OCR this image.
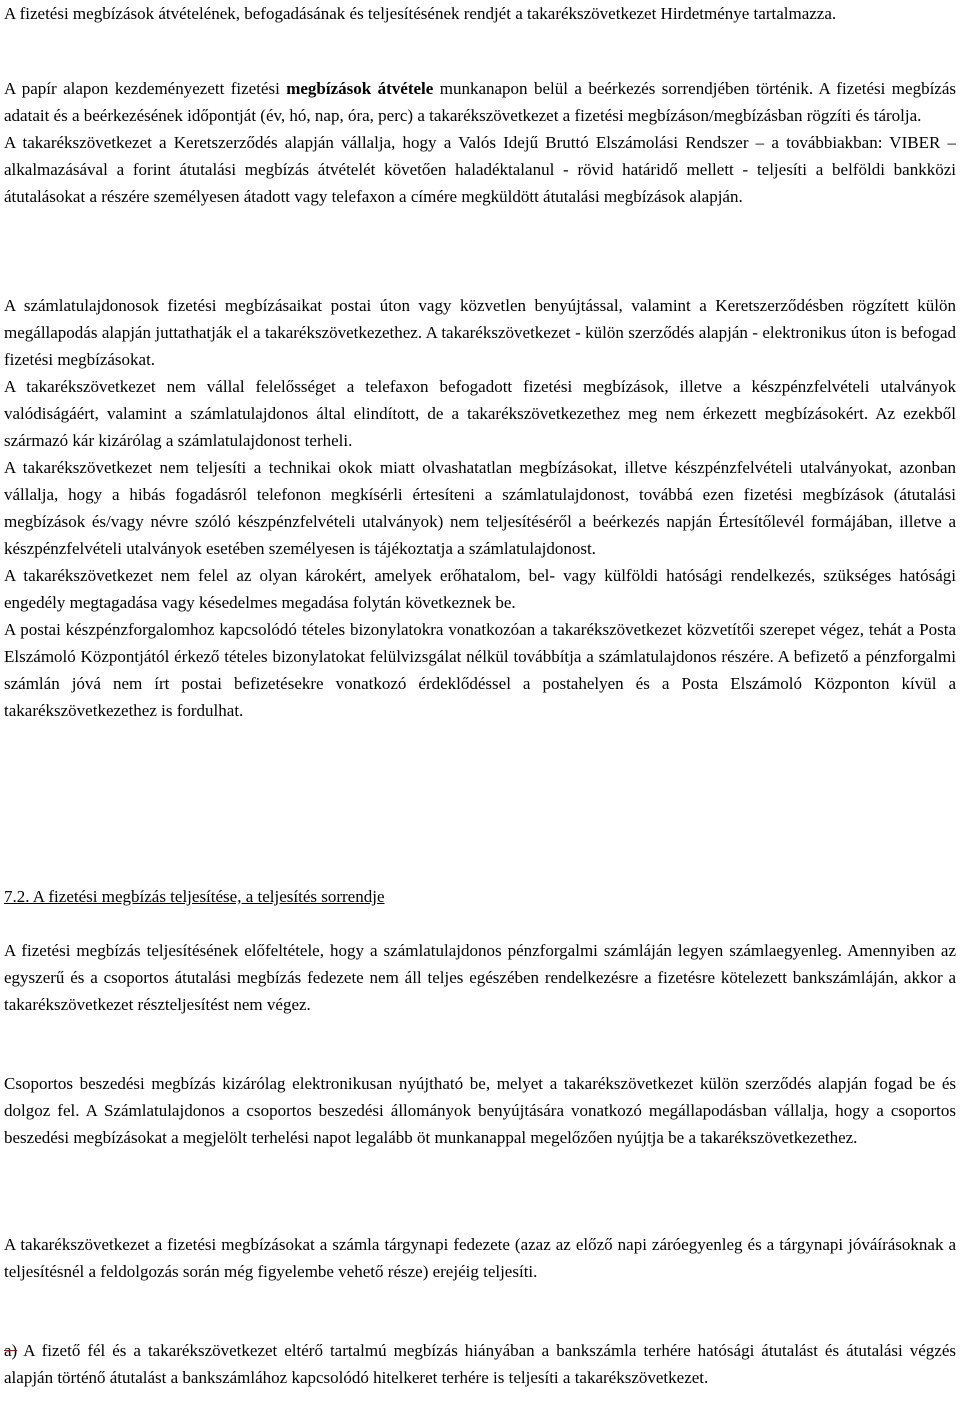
A fizetési megbízások átvételének, befogadásának és teljesítésének rendjét a takarékszövetkezet Hirdetménye tartalmazza.

A papír alapon kezdeményezett fizetési megbízások átvétele munkanapon belül a beérkezés sorrendjében történik. A fizetési megbízás adatait és a beérkezésének időpontját (év, hó, nap, óra, perc) a takarékszövetkezet a fizetési megbízáson/megbízásban rögzíti és tárolja.

A takarékszövetkezet a Keretszerződés alapján vállalja, hogy a Valós Idejű Bruttó Elszámolási Rendszer – a továbbiakban: VIBER – alkalmazásával a forint átutalási megbízás átvételét követően haladéktalanul - rövid határidő mellett - teljesíti a belföldi bankközi átutalásokat a részére személyesen átadott vagy telefaxon a címére megküldött átutalási megbízások alapján.

A számlatulajdonosok fizetési megbízásaikat postai úton vagy közvetlen benyújtással, valamint a Keretszerződésben rögzített külön megállapodás alapján juttathatják el a takarékszövetkezethez. A takarékszövetkezet - külön szerződés alapján - elektronikus úton is befogad fizetési megbízásokat.

A takarékszövetkezet nem vállal felelősséget a telefaxon befogadott fizetési megbízások, illetve a készpénzfelvételi utalványok valódiságáért, valamint a számlatulajdonos által elindított, de a takarékszövetkezethez meg nem érkezett megbízásokért. Az ezekből származó kár kizárólag a számlatulajdonost terheli.

A takarékszövetkezet nem teljesíti a technikai okok miatt olvashatatlan megbízásokat, illetve készpénzfelvételi utalványokat, azonban vállalja, hogy a hibás fogadásról telefonon megkísérli értesíteni a számlatulajdonost, továbbá ezen fizetési megbízások (átutalási megbízások és/vagy névre szóló készpénzfelvételi utalványok) nem teljesítéséről a beérkezés napján Értesítőlevél formájában, illetve a készpénzfelvételi utalványok esetében személyesen is tájékoztatja a számlatulajdonost.

A takarékszövetkezet nem felel az olyan károkért, amelyek erőhatalom, bel- vagy külföldi hatósági rendelkezés, szükséges hatósági engedély megtagadása vagy késedelmes megadása folytán következnek be.

A postai készpénzforgalomhoz kapcsolódó tételes bizonylatokra vonatkozóan a takarékszövetkezet közvetítői szerepet végez, tehát a Posta Elszámoló Központjától érkező tételes bizonylatokat felülvizsgálat nélkül továbbítja a számlatulajdonos részére. A befizető a pénzforgalmi számlán jóvá nem írt postai befizetésekre vonatkozó érdeklődéssel a postahelyen és a Posta Elszámoló Központon kívül a takarékszövetkezethez is fordulhat.

7.2. A fizetési megbízás teljesítése, a teljesítés sorrendje

A fizetési megbízás teljesítésének előfeltétele, hogy a számlatulajdonos pénzforgalmi számláján legyen számlaegyenleg. Amennyiben az egyszerű és a csoportos átutalási megbízás fedezete nem áll teljes egészében rendelkezésre a fizetésre kötelezett bankszámláján, akkor a takarékszövetkezet részteljesítést nem végez.

Csoportos beszedési megbízás kizárólag elektronikusan nyújtható be, melyet a takarékszövetkezet külön szerződés alapján fogad be és dolgoz fel. A Számlatulajdonos a csoportos beszedési állományok benyújtására vonatkozó megállapodásban vállalja, hogy a csoportos beszedési megbízásokat a megjelölt terhelési napot legalább öt munkanappal megelőzően nyújtja be a takarékszövetkezethez.

A takarékszövetkezet a fizetési megbízásokat a számla tárgynapi fedezete (azaz az előző napi záróegyenleg és a tárgynapi jóváírásoknak a teljesítésnél a feldolgozás során még figyelembe vehető része) erejéig teljesíti.

a) A fizető fél és a takarékszövetkezet eltérő tartalmú megbízás hiányában a bankszámla terhére hatósági átutalást és átutalási végzés alapján történő átutalást a bankszámlához kapcsolódó hitelkeret terhére is teljesíti a takarékszövetkezet.
